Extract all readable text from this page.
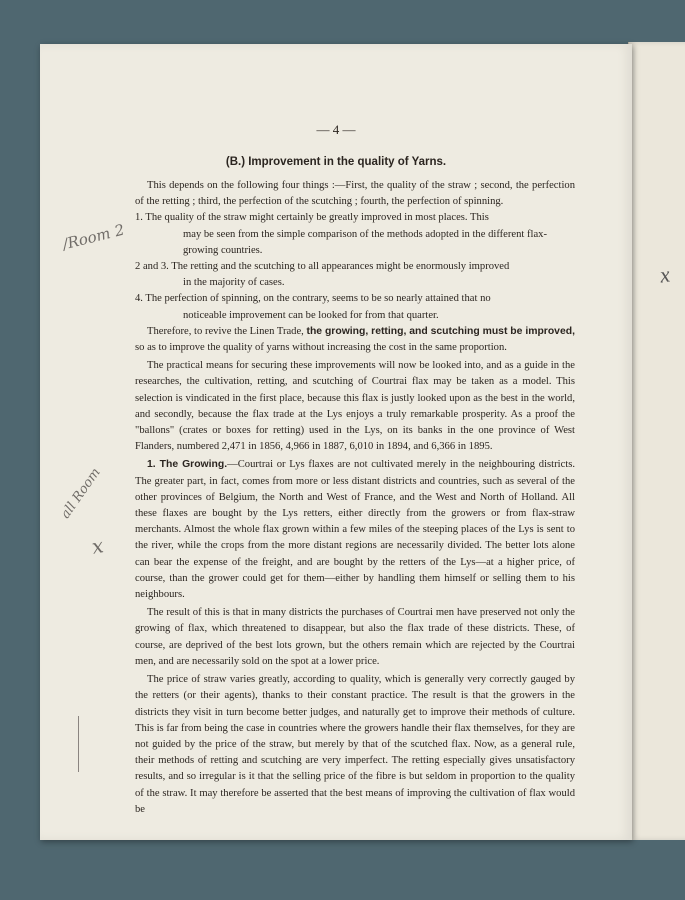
x
— 4 —
(B.) Improvement in the quality of Yarns.

This depends on the following four things :—First, the quality of the straw ; second, the perfection of the retting ; third, the perfection of the scutching ; fourth, the perfection of spinning.

1. The quality of the straw might certainly be greatly improved in most places. This
may be seen from the simple comparison of the methods adopted in the different flax-growing countries.
2 and 3. The retting and the scutching to all appearances might be enormously improved
in the majority of cases.
4. The perfection of spinning, on the contrary, seems to be so nearly attained that no
noticeable improvement can be looked for from that quarter.

Therefore, to revive the Linen Trade, the growing, retting, and scutching must be improved, so as to improve the quality of yarns without increasing the cost in the same proportion.

The practical means for securing these improvements will now be looked into, and as a guide in the researches, the cultivation, retting, and scutching of Courtrai flax may be taken as a model. This selection is vindicated in the first place, because this flax is justly looked upon as the best in the world, and secondly, because the flax trade at the Lys enjoys a truly remarkable prosperity. As a proof the "ballons" (crates or boxes for retting) used in the Lys, on its banks in the one province of West Flanders, numbered 2,471 in 1856, 4,966 in 1887, 6,010 in 1894, and 6,366 in 1895.

1. The Growing.—Courtrai or Lys flaxes are not cultivated merely in the neighbouring districts. The greater part, in fact, comes from more or less distant districts and countries, such as several of the other provinces of Belgium, the North and West of France, and the West and North of Holland. All these flaxes are bought by the Lys retters, either directly from the growers or from flax-straw merchants. Almost the whole flax grown within a few miles of the steeping places of the Lys is sent to the river, while the crops from the more distant regions are necessarily divided. The better lots alone can bear the expense of the freight, and are bought by the retters of the Lys—at a higher price, of course, than the grower could get for them—either by handling them himself or selling them to his neighbours.

The result of this is that in many districts the purchases of Courtrai men have preserved not only the growing of flax, which threatened to disappear, but also the flax trade of these districts. These, of course, are deprived of the best lots grown, but the others remain which are rejected by the Courtrai men, and are necessarily sold on the spot at a lower price.

The price of straw varies greatly, according to quality, which is generally very correctly gauged by the retters (or their agents), thanks to their constant practice. The result is that the growers in the districts they visit in turn become better judges, and naturally get to improve their methods of culture. This is far from being the case in countries where the growers handle their flax themselves, for they are not guided by the price of the straw, but merely by that of the scutched flax. Now, as a general rule, their methods of retting and scutching are very imperfect. The retting especially gives unsatisfactory results, and so irregular is it that the selling price of the fibre is but seldom in proportion to the quality of the straw. It may therefore be asserted that the best means of improving the cultivation of flax would be

/Room 2
all Room
x
